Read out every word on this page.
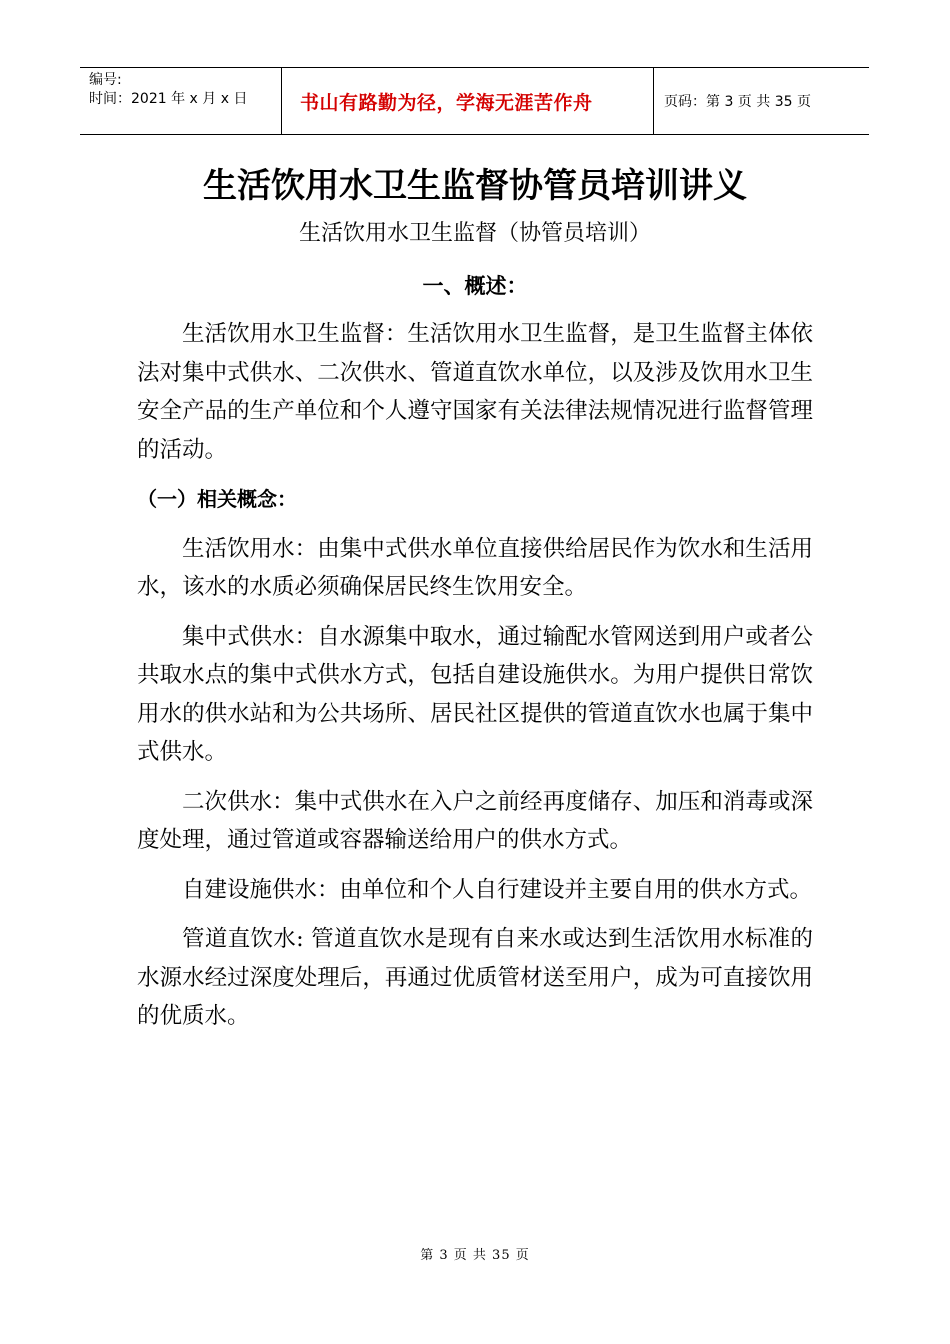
编号:
时间：2021 年 x 月 x 日	书山有路勤为径，学海无涯苦作舟	页码：第 3 页 共 35 页
生活饮用水卫生监督协管员培训讲义
生活饮用水卫生监督（协管员培训）
一、概述：

生活饮用水卫生监督：生活饮用水卫生监督，是卫生监督主体依法对集中式供水、二次供水、管道直饮水单位，以及涉及饮用水卫生安全产品的生产单位和个人遵守国家有关法律法规情况进行监督管理的活动。

（一）相关概念：

生活饮用水：由集中式供水单位直接供给居民作为饮水和生活用水，该水的水质必须确保居民终生饮用安全。

集中式供水：自水源集中取水，通过输配水管网送到用户或者公共取水点的集中式供水方式，包括自建设施供水。为用户提供日常饮用水的供水站和为公共场所、居民社区提供的管道直饮水也属于集中式供水。

二次供水：集中式供水在入户之前经再度储存、加压和消毒或深度处理，通过管道或容器输送给用户的供水方式。

自建设施供水：由单位和个人自行建设并主要自用的供水方式。

管道直饮水: 管道直饮水是现有自来水或达到生活饮用水标准的水源水经过深度处理后，再通过优质管材送至用户，成为可直接饮用的优质水。

第 3 页 共 35 页
